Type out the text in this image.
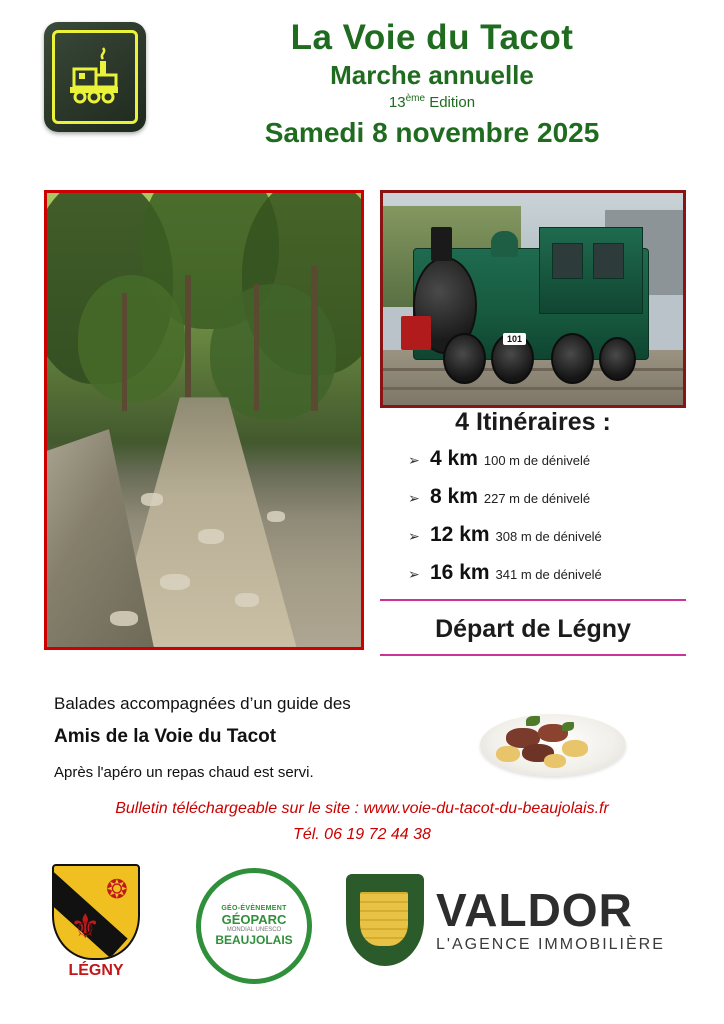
La Voie du Tacot
Marche annuelle
13ème Edition
Samedi 8 novembre 2025
101
4 Itinéraires :
➢ 4 km 100 m de dénivelé
➢ 8 km 227 m de dénivelé
➢ 12 km 308 m de dénivelé
➢ 16 km 341 m de dénivelé
Départ de Légny
Balades accompagnées d’un guide des
Amis de la Voie du Tacot
Après l'apéro un repas chaud est servi.
Bulletin téléchargeable sur le site : www.voie-du-tacot-du-beaujolais.fr
Tél. 06 19 72 44 38
❂
⚜
LÉGNY
GÉO-ÉVÈNEMENT
GÉOPARC
MONDIAL UNESCO
BEAUJOLAIS
VALDOR
L'AGENCE IMMOBILIÈRE
